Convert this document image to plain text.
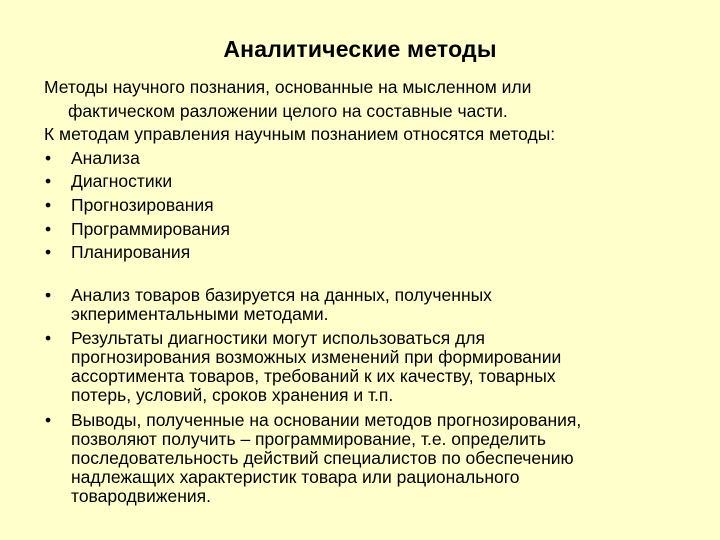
Аналитические методы

Методы научного познания, основанные на мысленном или
фактическом разложении целого на составные части.

К методам управления научным познанием относятся методы:

• Анализа
• Диагностики
• Прогнозирования
• Программирования
• Планирования
• Анализ товаров базируется на данных, полученных
экпериментальными методами.
• Результаты диагностики могут использоваться для
прогнозирования возможных изменений при формировании
ассортимента товаров, требований к их качеству, товарных
потерь, условий, сроков хранения и т.п.
• Выводы, полученные на основании методов прогнозирования,
позволяют получить – программирование, т.е. определить
последовательность действий специалистов по обеспечению
надлежащих характеристик товара или рационального
товародвижения.
